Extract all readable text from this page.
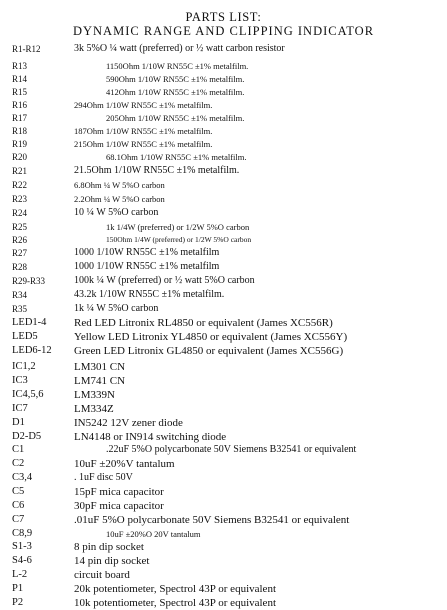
PARTS LIST:
DYNAMIC RANGE AND CLIPPING INDICATOR
R1-R12	3k 5%O ¼ watt (preferred) or ½ watt carbon resistor
R13	1150Ohm 1/10W RN55C ±1% metalfilm.
R14	590Ohm 1/10W RN55C ±1% metalfilm.
R15	412Ohm 1/10W RN55C ±1% metalfilm.
R16	294Ohm 1/10W RN55C ±1% metalfilm.
R17	205Ohm 1/10W RN55C ±1% metalfilm.
R18	187Ohm 1/10W RN55C ±1% metalfilm.
R19	215Ohm 1/10W RN55C ±1% metalfilm.
R20	68.1Ohm 1/10W RN55C ±1% metalfilm.
R21	21.5Ohm 1/10W RN55C ±1% metalfilm.
R22	6.8Ohm ¼ W 5%O carbon
R23	2.2Ohm ¼ W 5%O carbon
R24	10 ¼ W 5%O carbon
R25	1k 1/4W (preferred) or 1/2W 5%O carbon
R26	150Ohm 1/4W (preferred) or 1/2W 5%O carbon
R27	1000 1/10W RN55C ±1% metalfilm
R28	1000 1/10W RN55C ±1% metalfilm
R29-R33	100k ¼ W (preferred) or ½ watt 5%O carbon
R34	43.2k 1/10W RN55C ±1% metalfilm.
R35	1k ¼ W 5%O carbon
LED1-4	Red LED Litronix RL4850 or equivalent (James XC556R)
LED5	Yellow LED Litronix YL4850 or equivalent (James XC556Y)
LED6-12 Green LED Litronix GL4850 or equivalent (James XC556G)
IC1,2	LM301 CN
IC3	LM741 CN
IC4,5,6	LM339N
IC7	LM334Z
D1	IN5242 12V zener diode
D2-D5	LN4148 or IN914 switching diode
C1	.22uF 5%O polycarbonate 50V Siemens B32541 or equivalent
C2	10uF ±20%V tantalum
C3,4	. 1uF disc 50V
C5	15pF mica capacitor
C6	30pF mica capacitor
C7	.01uF 5%O polycarbonate 50V Siemens B32541 or equivalent
C8,9	10uF ±20%O 20V tantalum
S1-3	8 pin dip socket
S4-6	14 pin dip socket
L-2	circuit board
P1	20k potentiometer, Spectrol 43P or equivalent
P2	10k potentiometer, Spectrol 43P or equivalent
